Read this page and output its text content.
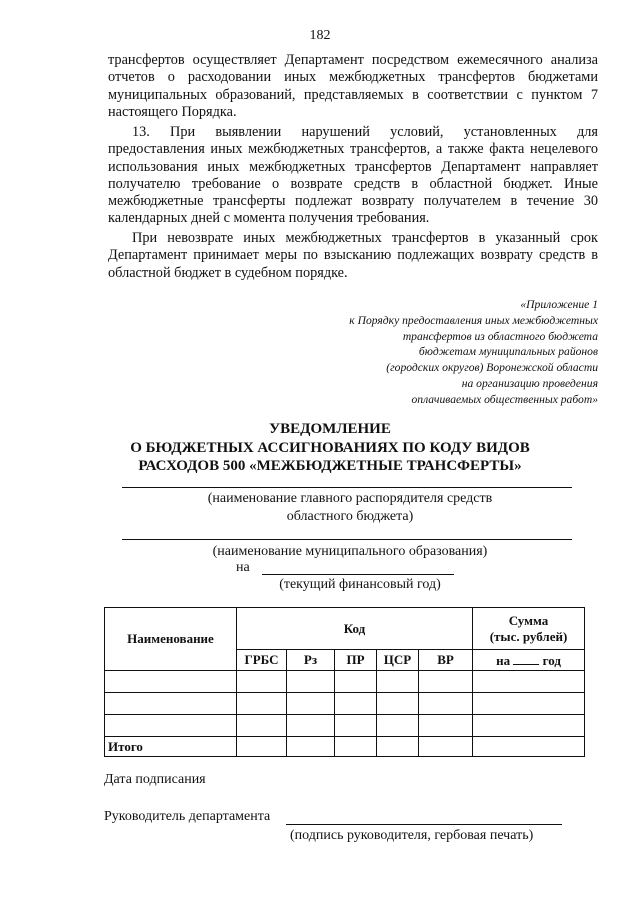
182

трансфертов осуществляет Департамент посредством ежемесячного анализа отчетов о расходовании иных межбюджетных трансфертов бюджетами муниципальных образований, представляемых в соответствии с пунктом 7 настоящего Порядка.

13. При выявлении нарушений условий, установленных для предоставления иных межбюджетных трансфертов, а также факта нецелевого использования иных межбюджетных трансфертов Департамент направляет получателю требование о возврате средств в областной бюджет. Иные межбюджетные трансферты подлежат возврату получателем в течение 30 календарных дней с момента получения требования.

При невозврате иных межбюджетных трансфертов в указанный срок Департамент принимает меры по взысканию подлежащих возврату средств в областной бюджет в судебном порядке.

«Приложение 1
к Порядку предоставления иных межбюджетных
трансфертов из областного бюджета
бюджетам муниципальных районов
(городских округов) Воронежской области
на организацию проведения
оплачиваемых общественных работ»
УВЕДОМЛЕНИЕ
О БЮДЖЕТНЫХ АССИГНОВАНИЯХ ПО КОДУ ВИДОВ
РАСХОДОВ 500 «МЕЖБЮДЖЕТНЫЕ ТРАНСФЕРТЫ»
(наименование главного распорядителя средств
областного бюджета)
(наименование муниципального образования)
на
(текущий финансовый год)
Наименование	Код					Сумма
(тыс. рублей)

	ГРБС	Рз	ПР	ЦСР	ВР	на год

Итого						
Дата подписания
Руководитель департамента
(подпись руководителя, гербовая печать)
